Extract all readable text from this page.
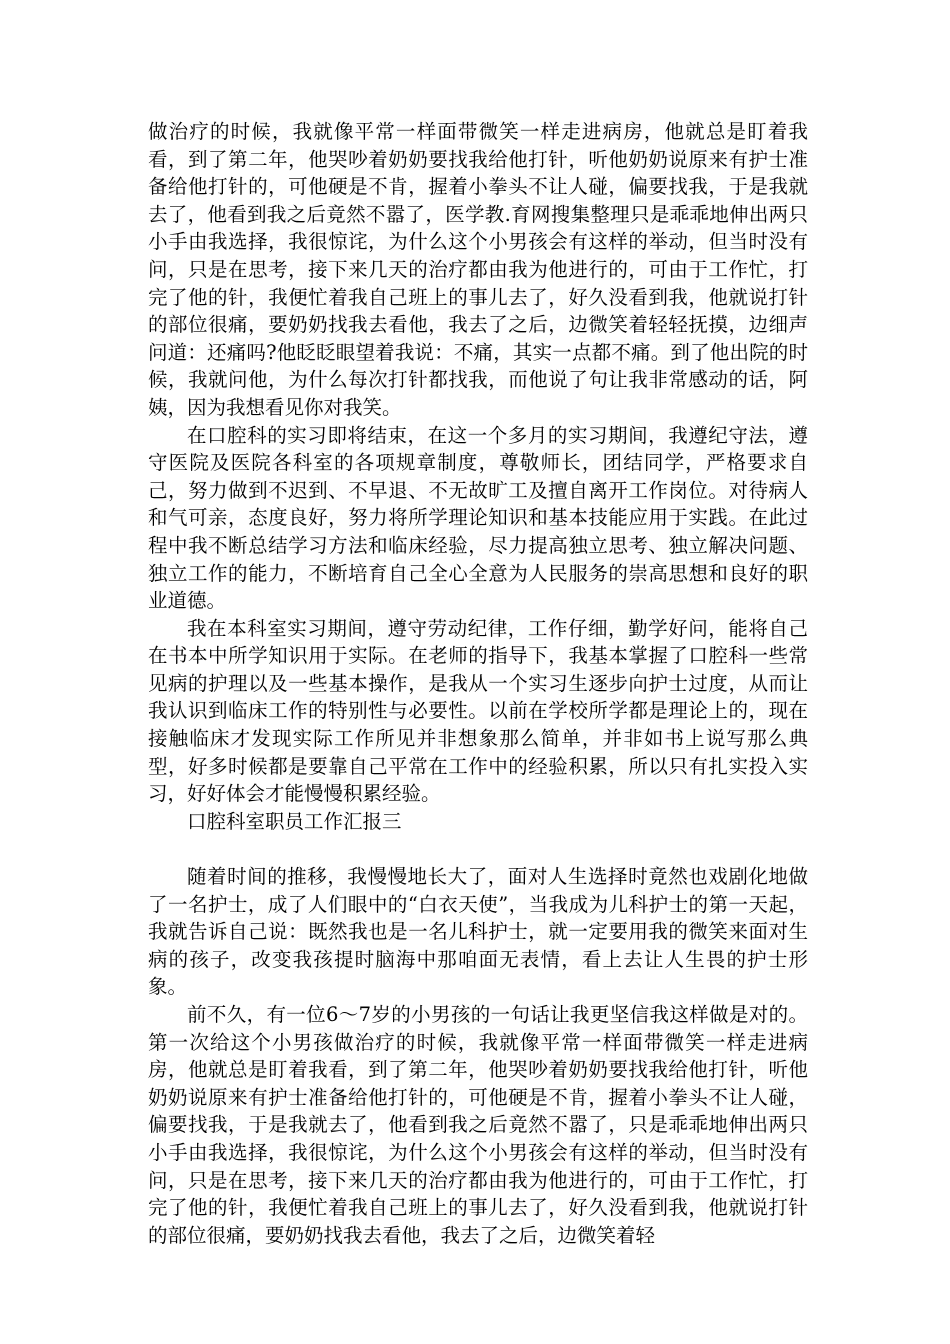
做治疗的时候，我就像平常一样面带微笑一样走进病房，他就总是盯着我看，到了第二年，他哭吵着奶奶要找我给他打针，听他奶奶说原来有护士准备给他打针的，可他硬是不肯，握着小拳头不让人碰，偏要找我，于是我就去了，他看到我之后竟然不嚣了，医学教.育网搜集整理只是乖乖地伸出两只小手由我选择，我很惊诧，为什么这个小男孩会有这样的举动，但当时没有问，只是在思考，接下来几天的治疗都由我为他进行的，可由于工作忙，打完了他的针，我便忙着我自己班上的事儿去了，好久没看到我，他就说打针的部位很痛，要奶奶找我去看他，我去了之后，边微笑着轻轻抚摸，边细声问道：还痛吗?他眨眨眼望着我说：不痛，其实一点都不痛。到了他出院的时候，我就问他，为什么每次打针都找我，而他说了句让我非常感动的话，阿姨，因为我想看见你对我笑。

在口腔科的实习即将结束，在这一个多月的实习期间，我遵纪守法，遵守医院及医院各科室的各项规章制度，尊敬师长，团结同学，严格要求自己，努力做到不迟到、不早退、不无故旷工及擅自离开工作岗位。对待病人和气可亲，态度良好，努力将所学理论知识和基本技能应用于实践。在此过程中我不断总结学习方法和临床经验，尽力提高独立思考、独立解决问题、独立工作的能力，不断培育自己全心全意为人民服务的崇高思想和良好的职业道德。

我在本科室实习期间，遵守劳动纪律，工作仔细，勤学好问，能将自己在书本中所学知识用于实际。在老师的指导下，我基本掌握了口腔科一些常见病的护理以及一些基本操作，是我从一个实习生逐步向护士过度，从而让我认识到临床工作的特别性与必要性。以前在学校所学都是理论上的，现在接触临床才发现实际工作所见并非想象那么简单，并非如书上说写那么典型，好多时候都是要靠自己平常在工作中的经验积累，所以只有扎实投入实习，好好体会才能慢慢积累经验。

口腔科室职员工作汇报三

随着时间的推移，我慢慢地长大了，面对人生选择时竟然也戏剧化地做了一名护士，成了人们眼中的“白衣天使”，当我成为儿科护士的第一天起，我就告诉自己说：既然我也是一名儿科护士，就一定要用我的微笑来面对生病的孩子，改变我孩提时脑海中那咱面无表情，看上去让人生畏的护士形象。

前不久，有一位6～7岁的小男孩的一句话让我更坚信我这样做是对的。第一次给这个小男孩做治疗的时候，我就像平常一样面带微笑一样走进病房，他就总是盯着我看，到了第二年，他哭吵着奶奶要找我给他打针，听他奶奶说原来有护士准备给他打针的，可他硬是不肯，握着小拳头不让人碰，偏要找我，于是我就去了，他看到我之后竟然不嚣了，只是乖乖地伸出两只小手由我选择，我很惊诧，为什么这个小男孩会有这样的举动，但当时没有问，只是在思考，接下来几天的治疗都由我为他进行的，可由于工作忙，打完了他的针，我便忙着我自己班上的事儿去了，好久没看到我，他就说打针的部位很痛，要奶奶找我去看他，我去了之后，边微笑着轻
